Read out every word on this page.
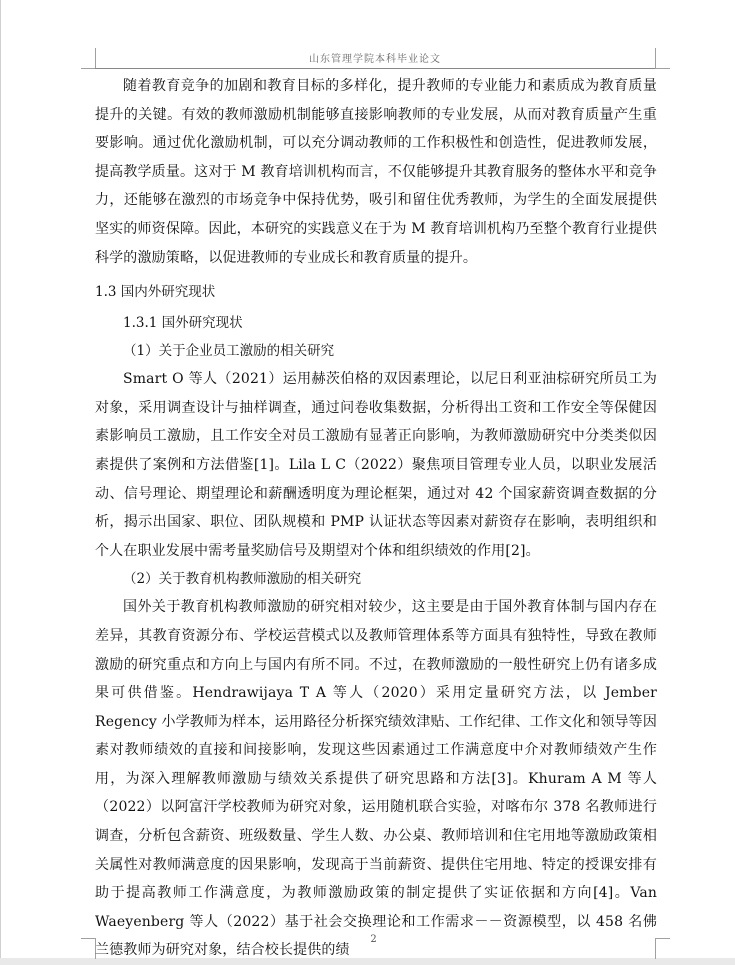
山东管理学院本科毕业论文

随着教育竞争的加剧和教育目标的多样化，提升教师的专业能力和素质成为教育质量提升的关键。有效的教师激励机制能够直接影响教师的专业发展，从而对教育质量产生重要影响。通过优化激励机制，可以充分调动教师的工作积极性和创造性，促进教师发展，提高教学质量。这对于 M 教育培训机构而言，不仅能够提升其教育服务的整体水平和竞争力，还能够在激烈的市场竞争中保持优势，吸引和留住优秀教师，为学生的全面发展提供坚实的师资保障。因此，本研究的实践意义在于为 M 教育培训机构乃至整个教育行业提供科学的激励策略，以促进教师的专业成长和教育质量的提升。

1.3 国内外研究现状
1.3.1 国外研究现状
（1）关于企业员工激励的相关研究

Smart O 等人（2021）运用赫茨伯格的双因素理论，以尼日利亚油棕研究所员工为对象，采用调查设计与抽样调查，通过问卷收集数据，分析得出工资和工作安全等保健因素影响员工激励，且工作安全对员工激励有显著正向影响，为教师激励研究中分类类似因素提供了案例和方法借鉴[1]。Lila L C（2022）聚焦项目管理专业人员，以职业发展活动、信号理论、期望理论和薪酬透明度为理论框架，通过对 42 个国家薪资调查数据的分析，揭示出国家、职位、团队规模和 PMP 认证状态等因素对薪资存在影响，表明组织和个人在职业发展中需考量奖励信号及期望对个体和组织绩效的作用[2]。

（2）关于教育机构教师激励的相关研究

国外关于教育机构教师激励的研究相对较少，这主要是由于国外教育体制与国内存在差异，其教育资源分布、学校运营模式以及教师管理体系等方面具有独特性，导致在教师激励的研究重点和方向上与国内有所不同。不过，在教师激励的一般性研究上仍有诸多成果可供借鉴。Hendrawijaya T A 等人（2020）采用定量研究方法，以 Jember Regency 小学教师为样本，运用路径分析探究绩效津贴、工作纪律、工作文化和领导等因素对教师绩效的直接和间接影响，发现这些因素通过工作满意度中介对教师绩效产生作用，为深入理解教师激励与绩效关系提供了研究思路和方法[3]。Khuram A M 等人（2022）以阿富汗学校教师为研究对象，运用随机联合实验，对喀布尔 378 名教师进行调查，分析包含薪资、班级数量、学生人数、办公桌、教师培训和住宅用地等激励政策相关属性对教师满意度的因果影响，发现高于当前薪资、提供住宅用地、特定的授课安排有助于提高教师工作满意度，为教师激励政策的制定提供了实证依据和方向[4]。Van Waeyenberg 等人（2022）基于社会交换理论和工作需求－－资源模型，以 458 名佛兰德教师为研究对象，结合校长提供的绩

2
